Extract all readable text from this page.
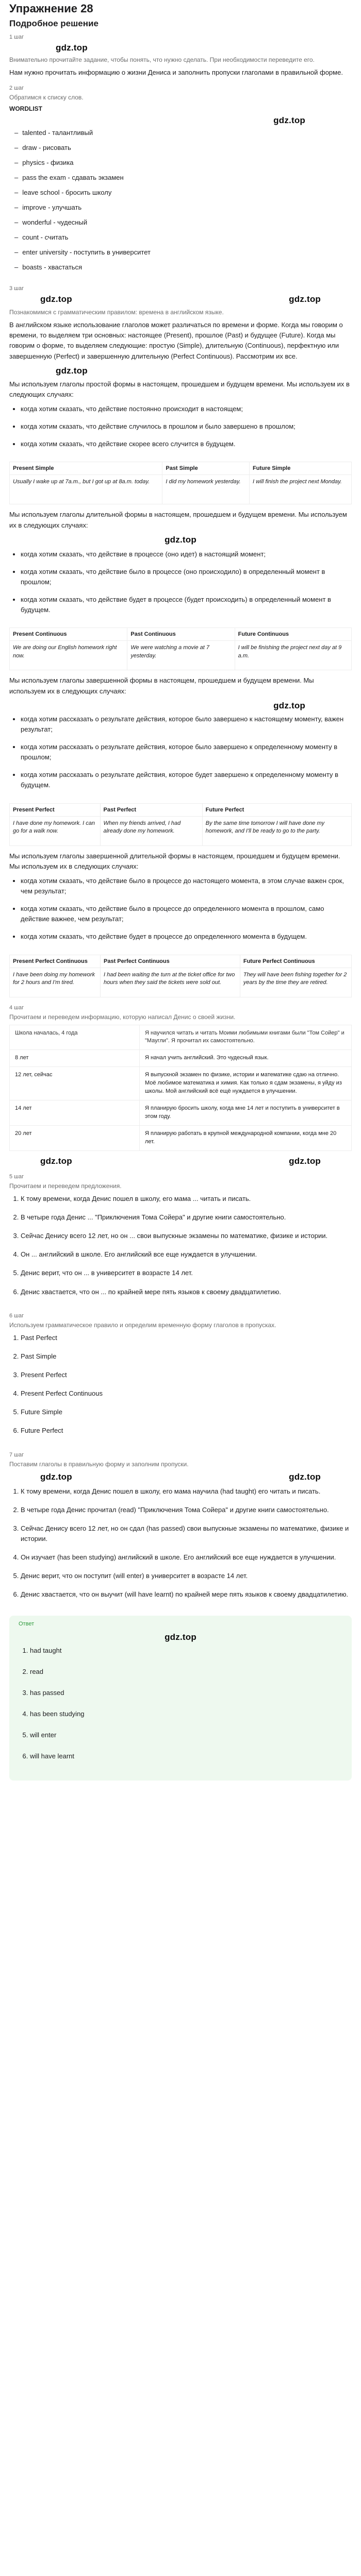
Упражнение 28
Подробное решение
1 шаг
gdz.top
Внимательно прочитайте задание, чтобы понять, что нужно сделать. При необходимости переведите его.

Нам нужно прочитать информацию о жизни Дениса и заполнить пропуски глаголами в правильной форме.

2 шаг
Обратимся к списку слов.
WORDLIST
gdz.top
– talented - талантливый
– draw - рисовать
– physics - физика
– pass the exam - сдавать экзамен
– leave school - бросить школу
– improve - улучшать
– wonderful - чудесный
– count - считать
– enter university - поступить в университет
– boasts - хвастаться
3 шаг
gdz.top	gdz.top
Познакомимся с грамматическим правилом: времена в английском языке.

В английском языке использование глаголов может различаться по времени и форме. Когда мы говорим о времени, то выделяем три основных: настоящее (Present), прошлое (Past) и будущее (Future). Когда мы говорим о форме, то выделяем следующие: простую (Simple), длительную (Continuous), перфектную или завершенную (Perfect) и завершенную длительную (Perfect Continuous). Рассмотрим их все.

gdz.top

Мы используем глаголы простой формы в настоящем, прошедшем и будущем времени. Мы используем их в следующих случаях:

• когда хотим сказать, что действие постоянно происходит в настоящем;
• когда хотим сказать, что действие случилось в прошлом и было завершено в прошлом;
• когда хотим сказать, что действие скорее всего случится в будущем.
Present Simple	Past Simple	Future Simple
Usually I wake up at 7a.m., but I got up at 8a.m. today.	I did my homework yesterday.	I will finish the project next Monday.

Мы используем глаголы длительной формы в настоящем, прошедшем и будущем времени. Мы используем их в следующих случаях:

gdz.top
• когда хотим сказать, что действие в процессе (оно идет) в настоящий момент;
• когда хотим сказать, что действие было в процессе (оно происходило) в определенный момент в прошлом;
• когда хотим сказать, что действие будет в процессе (будет происходить) в определенный момент в будущем.
Present Continuous	Past Continuous	Future Continuous
We are doing our English homework right now.	We were watching a movie at 7 yesterday.	I will be finishing the project next day at 9 a.m.

Мы используем глаголы завершенной формы в настоящем, прошедшем и будущем времени. Мы используем их в следующих случаях:

gdz.top
• когда хотим рассказать о результате действия, которое было завершено к настоящему моменту, важен результат;
• когда хотим рассказать о результате действия, которое было завершено к определенному моменту в прошлом;
• когда хотим рассказать о результате действия, которое будет завершено к определенному моменту в будущем.
Present Perfect	Past Perfect	Future Perfect
I have done my homework. I can go for a walk now.	When my friends arrived, I had already done my homework.	By the same time tomorrow I will have done my homework, and I'll be ready to go to the party.

Мы используем глаголы завершенной длительной формы в настоящем, прошедшем и будущем времени. Мы используем их в следующих случаях:

• когда хотим сказать, что действие было в процессе до настоящего момента, в этом случае важен срок, чем результат;
• когда хотим сказать, что действие было в процессе до определенного момента в прошлом, само действие важнее, чем результат;
• когда хотим сказать, что действие будет в процессе до определенного момента в будущем.
Present Perfect Continuous	Past Perfect Continuous	Future Perfect Continuous
I have been doing my homework for 2 hours and I'm tired.	I had been waiting the turn at the ticket office for two hours when they said the tickets were sold out.	They will have been fishing together for 2 years by the time they are retired.
4 шаг
Прочитаем и переведем информацию, которую написал Денис о своей жизни.
Школа началась, 4 года	Я научился читать и читать Моими любимыми книгами были "Том Сойер" и "Маугли". Я прочитал их самостоятельно.
8 лет	Я начал учить английский. Это чудесный язык.
12 лет, сейчас	Я выпускной экзамен по физике, истории и математике сдаю на отлично. Моё любимое математика и химия. Как только я сдам экзамены, я уйду из школы. Мой английский всё ещё нуждается в улучшении.
14 лет	Я планирую бросить школу, когда мне 14 лет и поступить в университет в этом году.
20 лет	Я планирую работать в крупной международной компании, когда мне 20 лет.
gdz.top	gdz.top
5 шаг
Прочитаем и переведем предложения.
1. К тому времени, когда Денис пошел в школу, его мама ... читать и писать.
2. В четыре года Денис ... "Приключения Тома Сойера" и другие книги самостоятельно.
3. Сейчас Денису всего 12 лет, но он ... свои выпускные экзамены по математике, физике и истории.
4. Он ... английский в школе. Его английский все еще нуждается в улучшении.
5. Денис верит, что он ... в университет в возрасте 14 лет.
6. Денис хвастается, что он ... по крайней мере пять языков к своему двадцатилетию.
6 шаг
Используем грамматическое правило и определим временную форму глаголов в пропусках.
1. Past Perfect
2. Past Simple
3. Present Perfect
4. Present Perfect Continuous
5. Future Simple
6. Future Perfect
7 шаг
Поставим глаголы в правильную форму и заполним пропуски.
gdz.top	gdz.top
1. К тому времени, когда Денис пошел в школу, его мама научила (had taught) его читать и писать.
2. В четыре года Денис прочитал (read) "Приключения Тома Сойера" и другие книги самостоятельно.
3. Сейчас Денису всего 12 лет, но он сдал (has passed) свои выпускные экзамены по математике, физике и истории.
4. Он изучает (has been studying) английский в школе. Его английский все еще нуждается в улучшении.
5. Денис верит, что он поступит (will enter) в университет в возрасте 14 лет.
6. Денис хвастается, что он выучит (will have learnt) по крайней мере пять языков к своему двадцатилетию.
Ответ
gdz.top
1. had taught
2. read
3. has passed
4. has been studying
5. will enter
6. will have learnt
